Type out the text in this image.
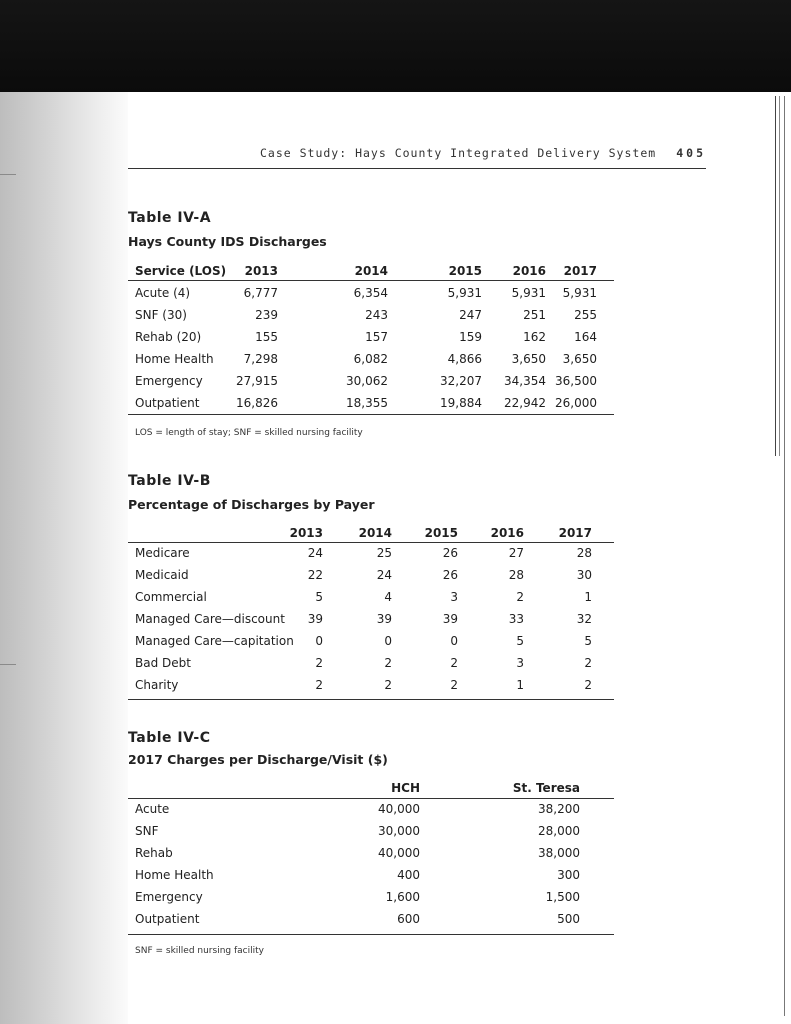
Case Study: Hays County Integrated Delivery System 405
Table IV-A
Hays County IDS Discharges
Service (LOS)	2013	2014	2015	2016	2017
Acute (4)	6,777	6,354	5,931	5,931	5,931
SNF (30)	239	243	247	251	255
Rehab (20)	155	157	159	162	164
Home Health	7,298	6,082	4,866	3,650	3,650
Emergency	27,915	30,062	32,207	34,354 36,500
Outpatient	16,826	18,355	19,884	22,942 26,000
LOS = length of stay; SNF = skilled nursing facility
Table IV-B
Percentage of Discharges by Payer
2013	2014	2015	2016	2017
Medicare	24	25	26	27	28
Medicaid	22	24	26	28	30
Commercial	5	4	3	2	1
Managed Care—discount	39	39	39	33	32
Managed Care—capitation	0	0	0	5	5
Bad Debt	2	2	2	3	2
Charity	2	2	2	1	2
Table IV-C
2017 Charges per Discharge/Visit ($)
HCH	St. Teresa
Acute	40,000	38,200
SNF	30,000	28,000
Rehab	40,000	38,000
Home Health	400	300
Emergency	1,600	1,500
Outpatient	600	500
SNF = skilled nursing facility
